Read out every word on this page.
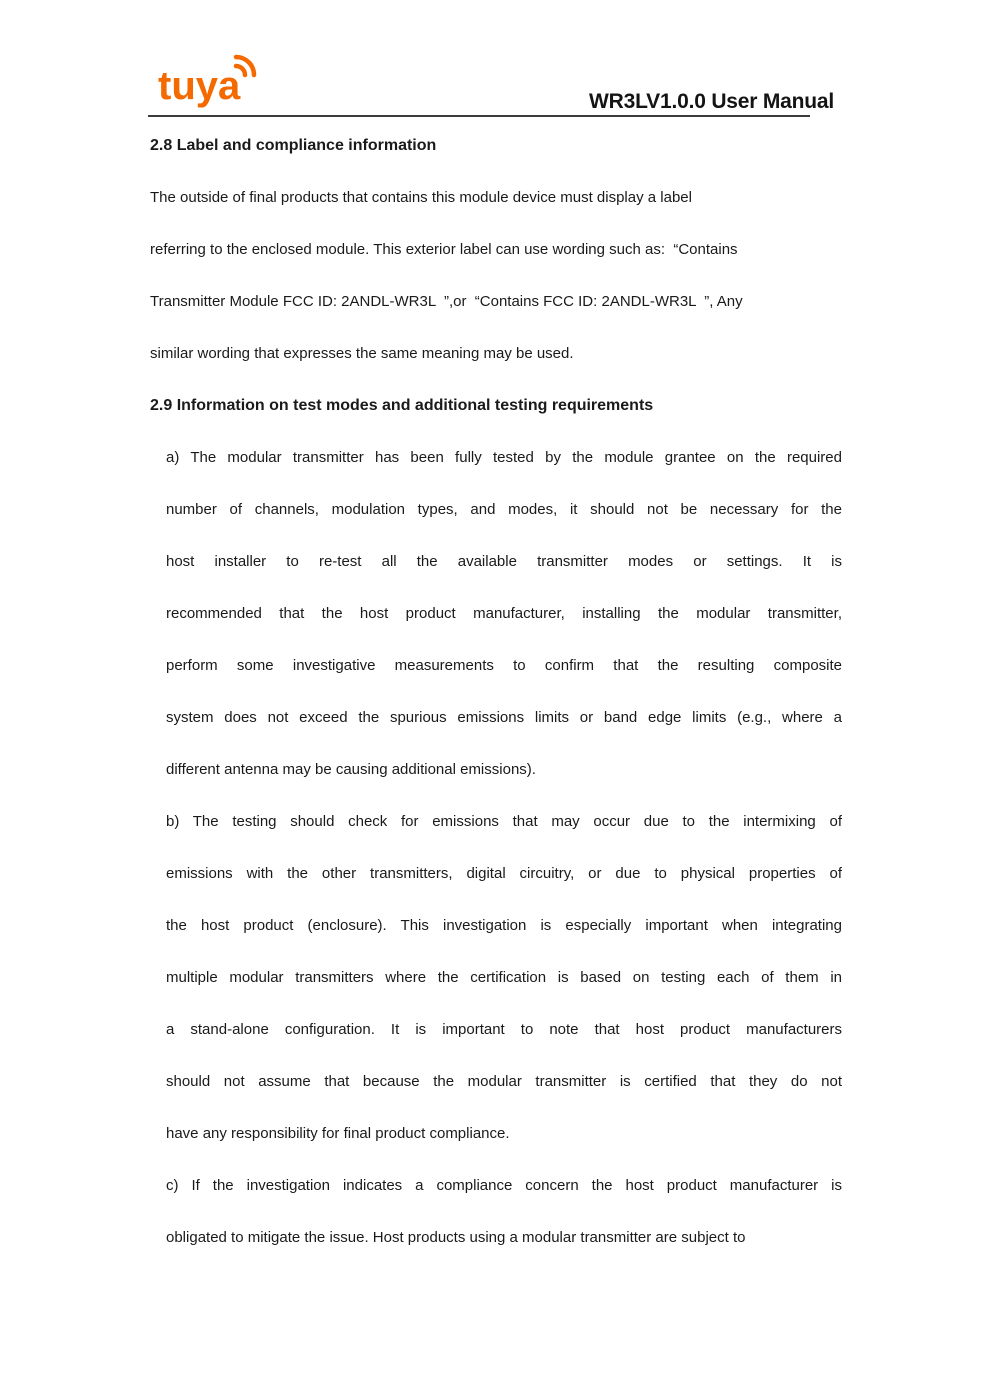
tuya	WR3LV1.0.0 User Manual
2.8 Label and compliance information
The outside of final products that contains this module device must display a label
referring to the enclosed module. This exterior label can use wording such as:  “Contains
Transmitter Module FCC ID: 2ANDL-WR3L  ”,or  “Contains FCC ID: 2ANDL-WR3L  ”, Any
similar wording that expresses the same meaning may be used.
2.9 Information on test modes and additional testing requirements
a) The modular transmitter has been fully tested by the module grantee on the required
number of channels, modulation types, and modes, it should not be necessary for the
host installer to re-test all the available transmitter modes or settings. It is
recommended that the host product manufacturer, installing the modular transmitter,
perform some investigative measurements to confirm that the resulting composite
system does not exceed the spurious emissions limits or band edge limits (e.g., where a
different antenna may be causing additional emissions).
b) The testing should check for emissions that may occur due to the intermixing of
emissions with the other transmitters, digital circuitry, or due to physical properties of
the host product (enclosure). This investigation is especially important when integrating
multiple modular transmitters where the certification is based on testing each of them in
a stand-alone configuration. It is important to note that host product manufacturers
should not assume that because the modular transmitter is certified that they do not
have any responsibility for final product compliance.
c) If the investigation indicates a compliance concern the host product manufacturer is
obligated to mitigate the issue. Host products using a modular transmitter are subject to
